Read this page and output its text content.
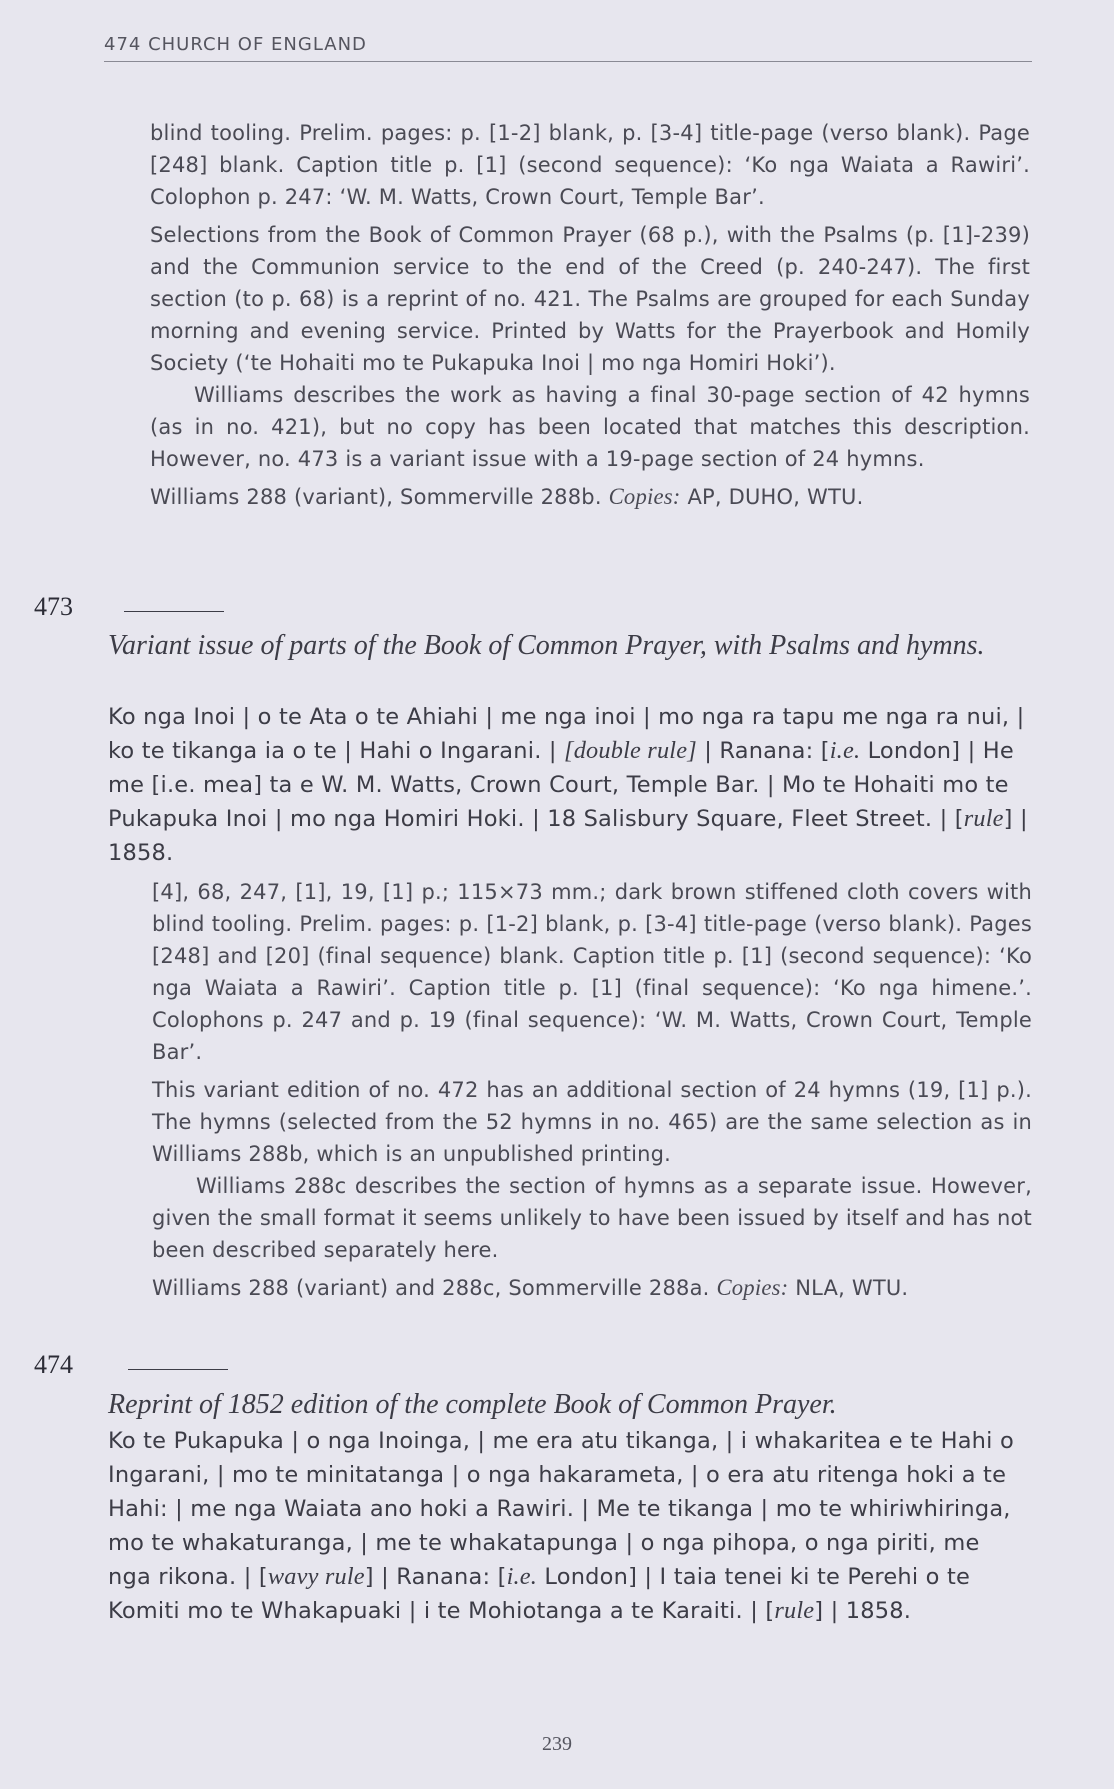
474 CHURCH OF ENGLAND

blind tooling. Prelim. pages: p. [1-2] blank, p. [3-4] title-page (verso blank). Page [248] blank. Caption title p. [1] (second sequence): ‘Ko nga Waiata a Rawiri’. Colophon p. 247: ‘W. M. Watts, Crown Court, Temple Bar’.

Selections from the Book of Common Prayer (68 p.), with the Psalms (p. [1]-239) and the Communion service to the end of the Creed (p. 240-247). The first section (to p. 68) is a reprint of no. 421. The Psalms are grouped for each Sunday morning and evening service. Printed by Watts for the Prayerbook and Homily Society (‘te Hohaiti mo te Pukapuka Inoi | mo nga Homiri Hoki’).

Williams describes the work as having a final 30-page section of 42 hymns (as in no. 421), but no copy has been located that matches this description. However, no. 473 is a variant issue with a 19-page section of 24 hymns.

Williams 288 (variant), Sommerville 288b. Copies: AP, DUHO, WTU.

473

Variant issue of parts of the Book of Common Prayer, with Psalms and hymns.

Ko nga Inoi | o te Ata o te Ahiahi | me nga inoi | mo nga ra tapu me nga ra nui, | ko te tikanga ia o te | Hahi o Ingarani. | [double rule] | Ranana: [i.e. London] | He me [i.e. mea] ta e W. M. Watts, Crown Court, Temple Bar. | Mo te Hohaiti mo te Pukapuka Inoi | mo nga Homiri Hoki. | 18 Salisbury Square, Fleet Street. | [rule] | 1858.

[4], 68, 247, [1], 19, [1] p.; 115×73 mm.; dark brown stiffened cloth covers with blind tooling. Prelim. pages: p. [1-2] blank, p. [3-4] title-page (verso blank). Pages [248] and [20] (final sequence) blank. Caption title p. [1] (second sequence): ‘Ko nga Waiata a Rawiri’. Caption title p. [1] (final sequence): ‘Ko nga himene.’. Colophons p. 247 and p. 19 (final sequence): ‘W. M. Watts, Crown Court, Temple Bar’.

This variant edition of no. 472 has an additional section of 24 hymns (19, [1] p.). The hymns (selected from the 52 hymns in no. 465) are the same selection as in Williams 288b, which is an unpublished printing.

Williams 288c describes the section of hymns as a separate issue. However, given the small format it seems unlikely to have been issued by itself and has not been described separately here.

Williams 288 (variant) and 288c, Sommerville 288a. Copies: NLA, WTU.

474

Reprint of 1852 edition of the complete Book of Common Prayer.

Ko te Pukapuka | o nga Inoinga, | me era atu tikanga, | i whakaritea e te Hahi o Ingarani, | mo te minitatanga | o nga hakarameta, | o era atu ritenga hoki a te Hahi: | me nga Waiata ano hoki a Rawiri. | Me te tikanga | mo te whiriwhiringa, mo te whakaturanga, | me te whakatapunga | o nga pihopa, o nga piriti, me nga rikona. | [wavy rule] | Ranana: [i.e. London] | I taia tenei ki te Perehi o te Komiti mo te Whakapuaki | i te Mohiotanga a te Karaiti. | [rule] | 1858.

239
